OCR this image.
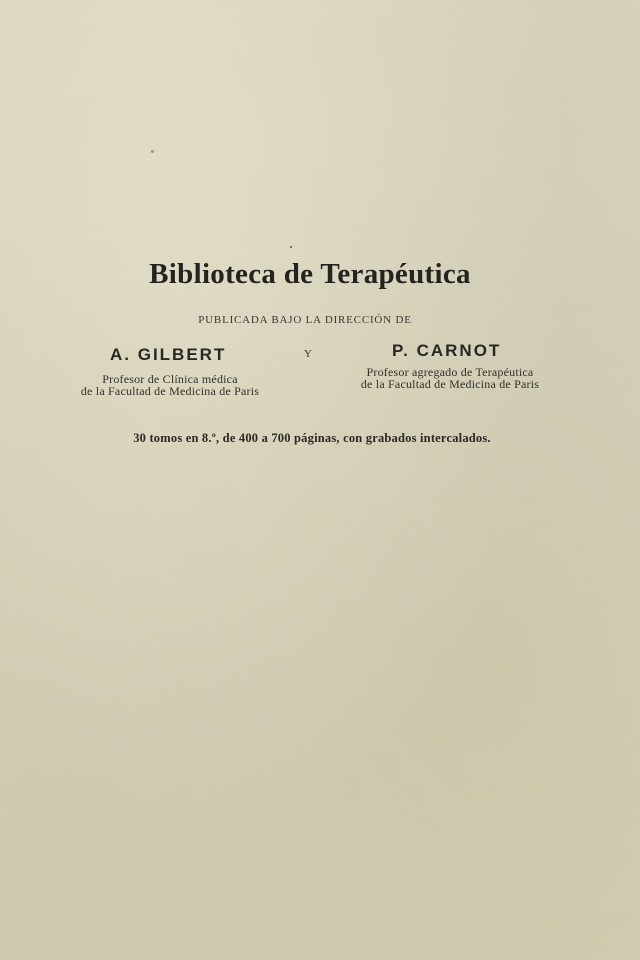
Biblioteca de Terapéutica
PUBLICADA BAJO LA DIRECCIÓN DE
A. GILBERT	Y	P. CARNOT
Profesor de Clínica médica
de la Facultad de Medicina de Paris
Profesor agregado de Terapéutica
de la Facultad de Medicina de Paris
30 tomos en 8.º, de 400 a 700 páginas, con grabados intercalados.
